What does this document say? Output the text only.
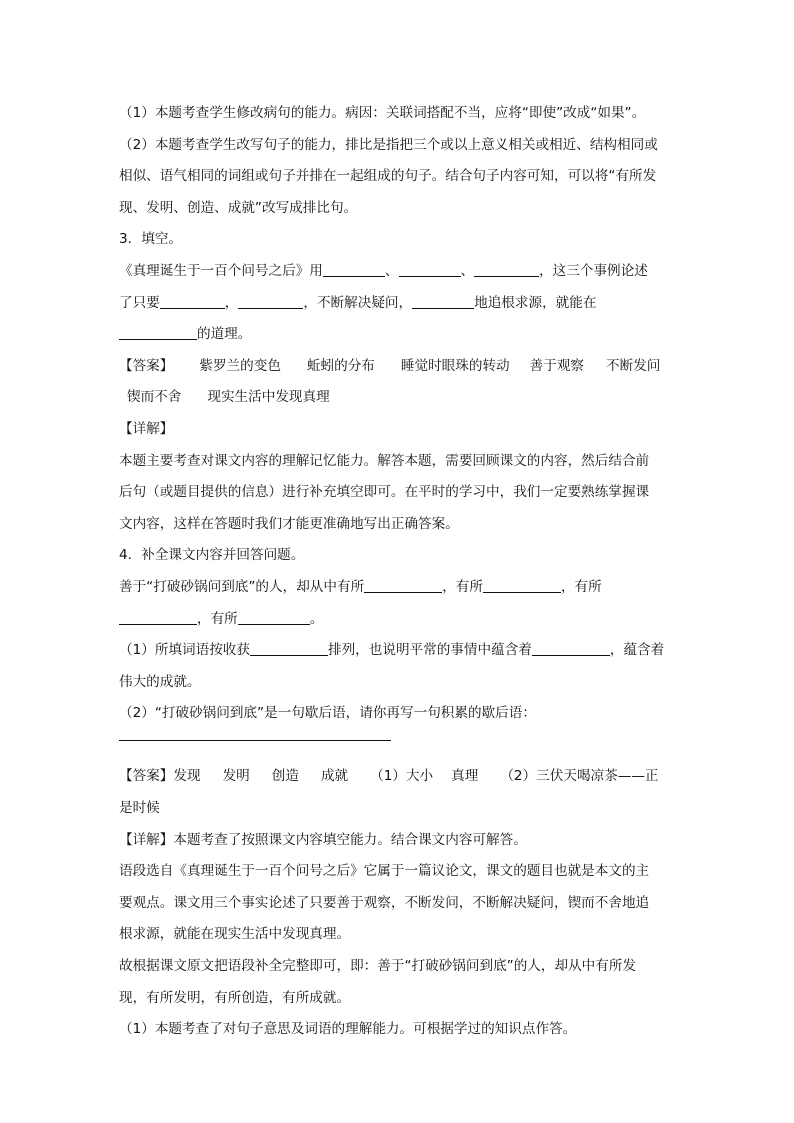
（1）本题考查学生修改病句的能力。病因：关联词搭配不当，应将“即使”改成“如果”。
（2）本题考查学生改写句子的能力，排比是指把三个或以上意义相关或相近、结构相同或
相似、语气相同的词组或句子并排在一起组成的句子。结合句子内容可知，可以将“有所发
现、发明、创造、成就”改写成排比句。
3．填空。
《真理诞生于一百个问号之后》用	、	、	，这三个事例论述
了只要	，	，不断解决疑问，	地追根求源，就能在
的道理。
【答案】 紫罗兰的变色 蚯蚓的分布 睡觉时眼珠的转动 善于观察 不断发问
锲而不舍 现实生活中发现真理
【详解】
本题主要考查对课文内容的理解记忆能力。解答本题，需要回顾课文的内容，然后结合前
后句（或题目提供的信息）进行补充填空即可。在平时的学习中，我们一定要熟练掌握课
文内容，这样在答题时我们才能更准确地写出正确答案。
4．补全课文内容并回答问题。
善于“打破砂锅问到底”的人，却从中有所	，有所	，有所
，有所	。
（1）所填词语按收获	排列，也说明平常的事情中蕴含着	，蕴含着
伟大的成就。
（2）“打破砂锅问到底”是一句歇后语，请你再写一句积累的歇后语：
【答案】发现 发明 创造 成就 （1）大小 真理 （2）三伏天喝凉茶——正
是时候
【详解】本题考查了按照课文内容填空能力。结合课文内容可解答。
语段选自《真理诞生于一百个问号之后》它属于一篇议论文，课文的题目也就是本文的主
要观点。课文用三个事实论述了只要善于观察，不断发问，不断解决疑问，锲而不舍地追
根求源，就能在现实生活中发现真理。
故根据课文原文把语段补全完整即可，即：善于“打破砂锅问到底”的人，却从中有所发
现，有所发明，有所创造，有所成就。
（1）本题考查了对句子意思及词语的理解能力。可根据学过的知识点作答。
